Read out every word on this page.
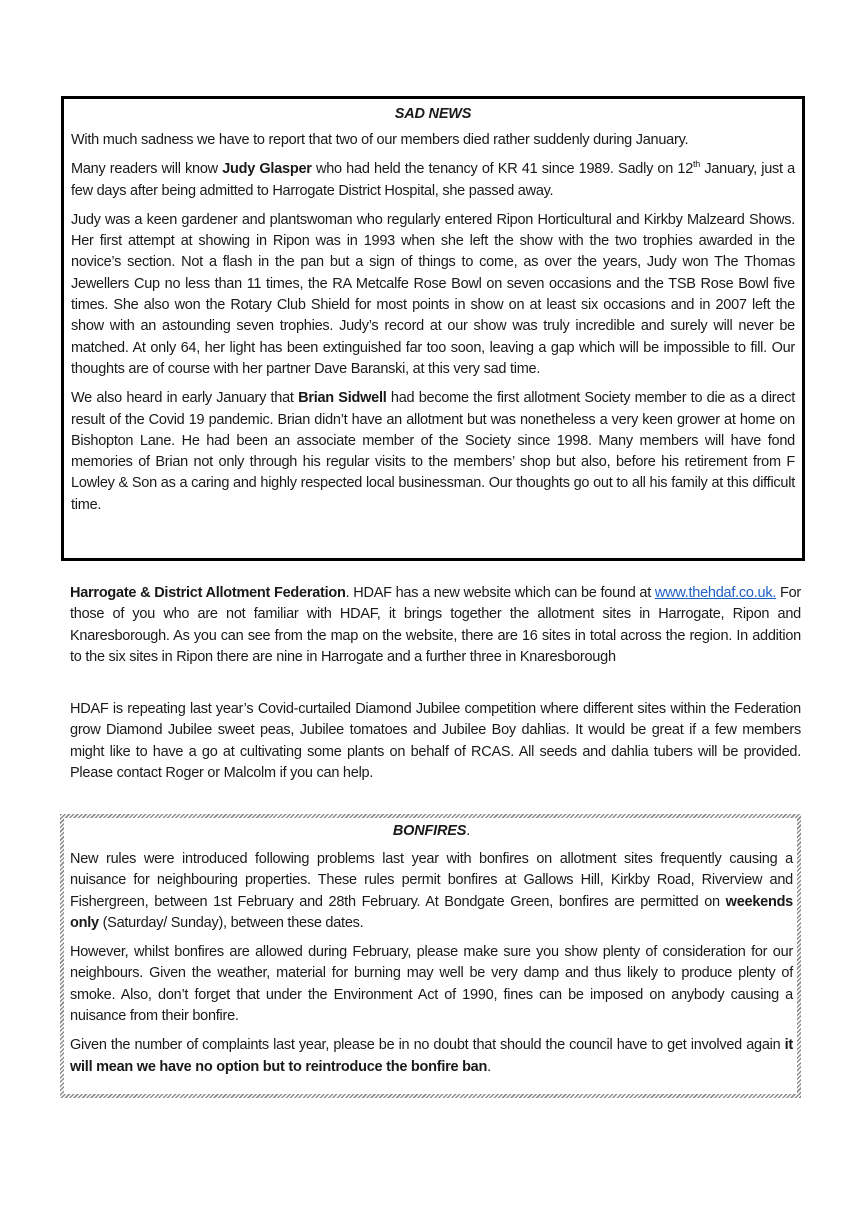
SAD NEWS

With much sadness we have to report that two of our members died rather suddenly during January.

Many readers will know Judy Glasper who had held the tenancy of KR 41 since 1989. Sadly on 12th January, just a few days after being admitted to Harrogate District Hospital, she passed away.

Judy was a keen gardener and plantswoman who regularly entered Ripon Horticultural and Kirkby Malzeard Shows. Her first attempt at showing in Ripon was in 1993 when she left the show with the two trophies awarded in the novice’s section. Not a flash in the pan but a sign of things to come, as over the years, Judy won The Thomas Jewellers Cup no less than 11 times, the RA Metcalfe Rose Bowl on seven occasions and the TSB Rose Bowl five times. She also won the Rotary Club Shield for most points in show on at least six occasions and in 2007 left the show with an astounding seven trophies. Judy’s record at our show was truly incredible and surely will never be matched. At only 64, her light has been extinguished far too soon, leaving a gap which will be impossible to fill. Our thoughts are of course with her partner Dave Baranski, at this very sad time.

We also heard in early January that Brian Sidwell had become the first allotment Society member to die as a direct result of the Covid 19 pandemic. Brian didn’t have an allotment but was nonetheless a very keen grower at home on Bishopton Lane. He had been an associate member of the Society since 1998. Many members will have fond memories of Brian not only through his regular visits to the members’ shop but also, before his retirement from F Lowley & Son as a caring and highly respected local businessman. Our thoughts go out to all his family at this difficult time.

Harrogate & District Allotment Federation. HDAF has a new website which can be found at www.thehdaf.co.uk. For those of you who are not familiar with HDAF, it brings together the allotment sites in Harrogate, Ripon and Knaresborough. As you can see from the map on the website, there are 16 sites in total across the region. In addition to the six sites in Ripon there are nine in Harrogate and a further three in Knaresborough

HDAF is repeating last year’s Covid-curtailed Diamond Jubilee competition where different sites within the Federation grow Diamond Jubilee sweet peas, Jubilee tomatoes and Jubilee Boy dahlias. It would be great if a few members might like to have a go at cultivating some plants on behalf of RCAS. All seeds and dahlia tubers will be provided. Please contact Roger or Malcolm if you can help.

BONFIRES.

New rules were introduced following problems last year with bonfires on allotment sites frequently causing a nuisance for neighbouring properties. These rules permit bonfires at Gallows Hill, Kirkby Road, Riverview and Fishergreen, between 1st February and 28th February. At Bondgate Green, bonfires are permitted on weekends only (Saturday/ Sunday), between these dates.

However, whilst bonfires are allowed during February, please make sure you show plenty of consideration for our neighbours. Given the weather, material for burning may well be very damp and thus likely to produce plenty of smoke. Also, don’t forget that under the Environment Act of 1990, fines can be imposed on anybody causing a nuisance from their bonfire.

Given the number of complaints last year, please be in no doubt that should the council have to get involved again it will mean we have no option but to reintroduce the bonfire ban.
